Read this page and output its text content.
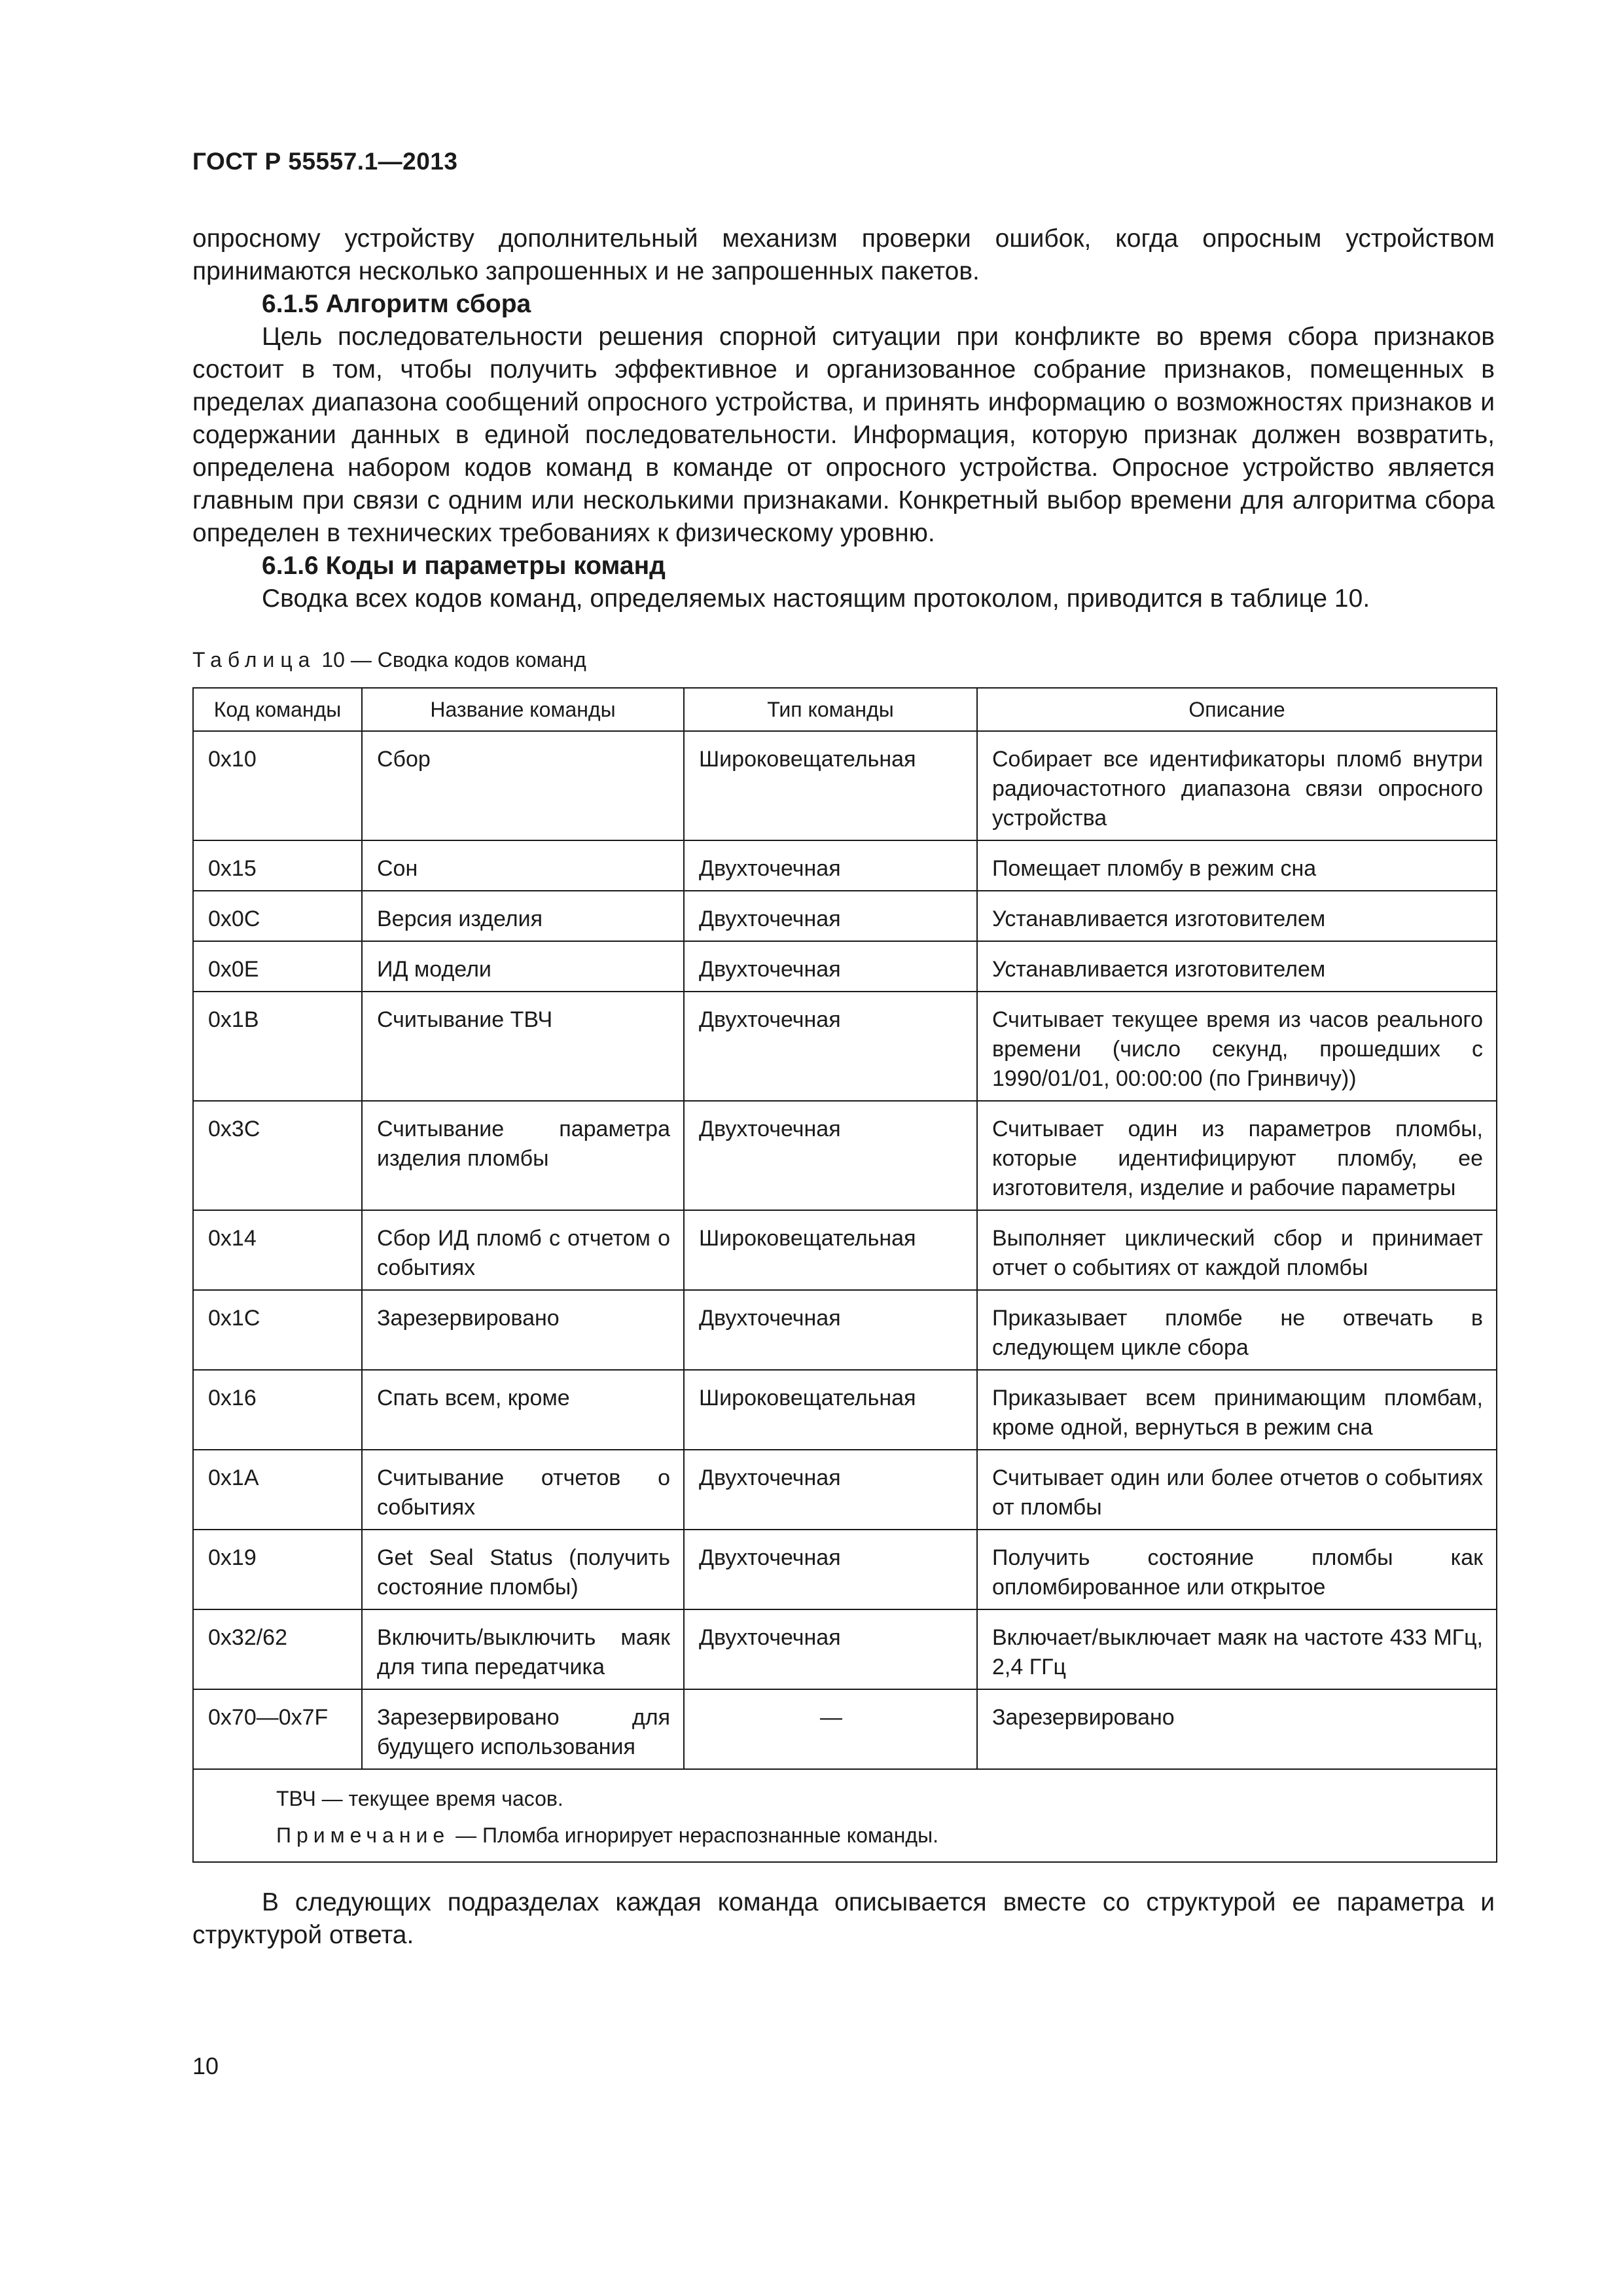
ГОСТ Р 55557.1—2013

опросному устройству дополнительный механизм проверки ошибок, когда опросным устройством принимаются несколько запрошенных и не запрошенных пакетов.

6.1.5 Алгоритм сбора

Цель последовательности решения спорной ситуации при конфликте во время сбора признаков состоит в том, чтобы получить эффективное и организованное собрание признаков, помещенных в пределах диапазона сообщений опросного устройства, и принять информацию о возможностях признаков и содержании данных в единой последовательности. Информация, которую признак должен возвратить, определена набором кодов команд в команде от опросного устройства. Опросное устройство является главным при связи с одним или несколькими признаками. Конкретный выбор времени для алгоритма сбора определен в технических требованиях к физическому уровню.

6.1.6 Коды и параметры команд

Сводка всех кодов команд, определяемых настоящим протоколом, приводится в таблице 10.

Таблица 10 — Сводка кодов команд
Код команды	Название команды	Тип команды	Описание
0x10	Сбор	Широковещательная	Собирает все идентификаторы пломб внутри радиочастотного диапазона связи опросного устройства
0x15	Сон	Двухточечная	Помещает пломбу в режим сна
0x0C	Версия изделия	Двухточечная	Устанавливается изготовителем
0x0E	ИД модели	Двухточечная	Устанавливается изготовителем
0x1B	Считывание ТВЧ	Двухточечная	Считывает текущее время из часов реального времени (число секунд, прошедших с 1990/01/01, 00:00:00 (по Гринвичу))
0x3C	Считывание параметра изделия пломбы	Двухточечная	Считывает один из параметров пломбы, которые идентифицируют пломбу, ее изготовителя, изделие и рабочие параметры
0x14	Сбор ИД пломб с отчетом о событиях	Широковещательная	Выполняет циклический сбор и принимает отчет о событиях от каждой пломбы
0x1C	Зарезервировано	Двухточечная	Приказывает пломбе не отвечать в следующем цикле сбора
0x16	Спать всем, кроме	Широковещательная	Приказывает всем принимающим пломбам, кроме одной, вернуться в режим сна
0x1A	Считывание отчетов о событиях	Двухточечная	Считывает один или более отчетов о событиях от пломбы
0x19	Get Seal Status (получить состояние пломбы)	Двухточечная	Получить состояние пломбы как опломбированное или открытое
0x32/62	Включить/выключить маяк для типа передатчика	Двухточечная	Включает/выключает маяк на частоте 433 МГц, 2,4 ГГц
0x70—0x7F	Зарезервировано для будущего использования	—	Зарезервировано

ТВЧ — текущее время часов.
Примечание — Пломба игнорирует нераспознанные команды.			

В следующих подразделах каждая команда описывается вместе со структурой ее параметра и структурой ответа.

10
